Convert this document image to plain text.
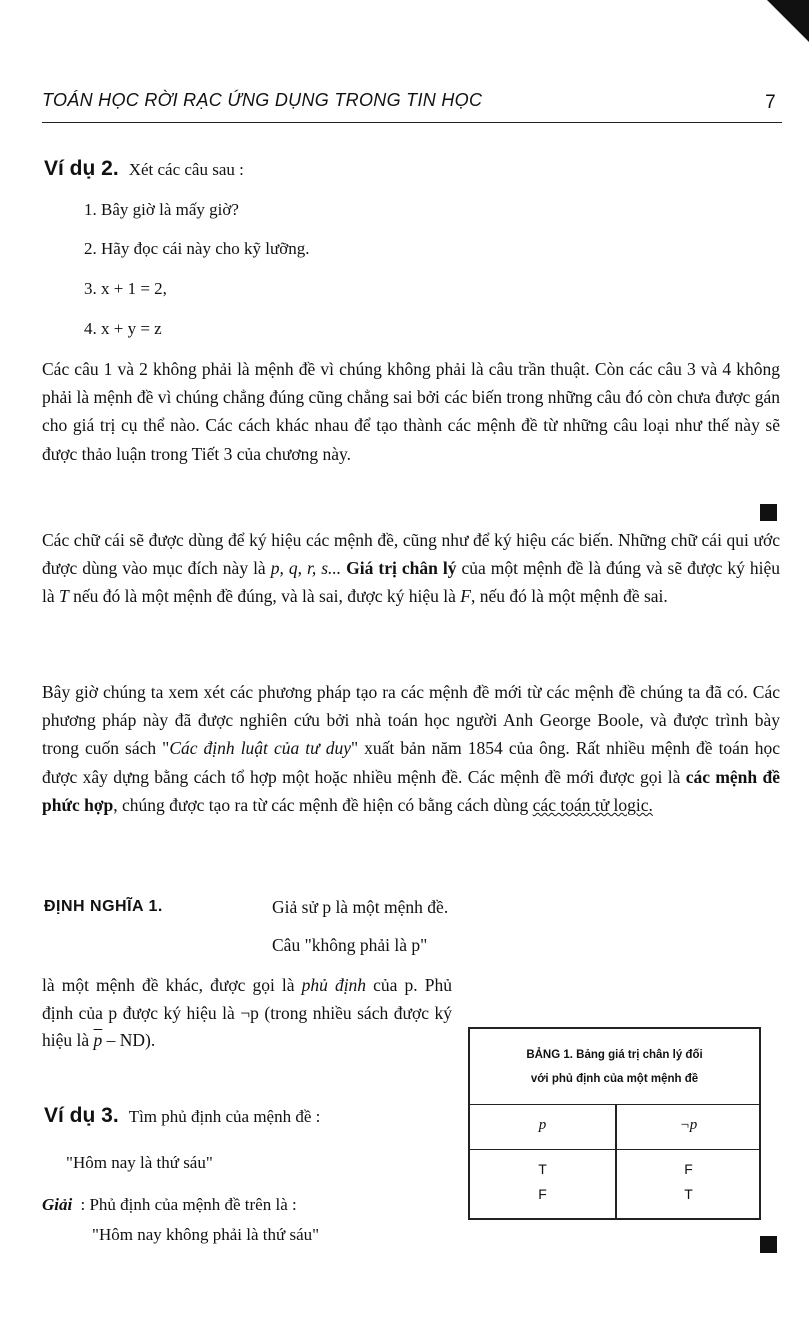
TOÁN HỌC RỜI RẠC ỨNG DỤNG TRONG TIN HỌC	7
Ví dụ 2. Xét các câu sau :
1. Bây giờ là mấy giờ?
2. Hãy đọc cái này cho kỹ lưỡng.
3. x + 1 = 2,
4. x + y = z

Các câu 1 và 2 không phải là mệnh đề vì chúng không phải là câu trần thuật. Còn các câu 3 và 4 không phải là mệnh đề vì chúng chẳng đúng cũng chẳng sai bởi các biến trong những câu đó còn chưa được gán cho giá trị cụ thể nào. Các cách khác nhau để tạo thành các mệnh đề từ những câu loại như thế này sẽ được thảo luận trong Tiết 3 của chương này.

Các chữ cái sẽ được dùng để ký hiệu các mệnh đề, cũng như để ký hiệu các biến. Những chữ cái qui ước được dùng vào mục đích này là p, q, r, s... Giá trị chân lý của một mệnh đề là đúng và sẽ được ký hiệu là T nếu đó là một mệnh đề đúng, và là sai, được ký hiệu là F, nếu đó là một mệnh đề sai.

Bây giờ chúng ta xem xét các phương pháp tạo ra các mệnh đề mới từ các mệnh đề chúng ta đã có. Các phương pháp này đã được nghiên cứu bởi nhà toán học người Anh George Boole, và được trình bày trong cuốn sách "Các định luật của tư duy" xuất bản năm 1854 của ông. Rất nhiều mệnh đề toán học được xây dựng bằng cách tổ hợp một hoặc nhiều mệnh đề. Các mệnh đề mới được gọi là các mệnh đề phức hợp, chúng được tạo ra từ các mệnh đề hiện có bằng cách dùng các toán tử logic.

ĐỊNH NGHĨA 1.	Giả sử p là một mệnh đề.
Câu "không phải là p"
là một mệnh đề khác, được gọi là phủ định của p. Phủ định của p được ký hiệu là ¬p (trong nhiều sách được ký hiệu là $\overline{p} - ND$).
Ví dụ 3. Tìm phủ định của mệnh đề :
"Hôm nay là thứ sáu"
Giải : Phủ định của mệnh đề trên là :
"Hôm nay không phải là thứ sáu"
BẢNG 1. Bảng giá trị chân lý đối
với phủ định của một mệnh đề
p	¬p
T	F
F	T
